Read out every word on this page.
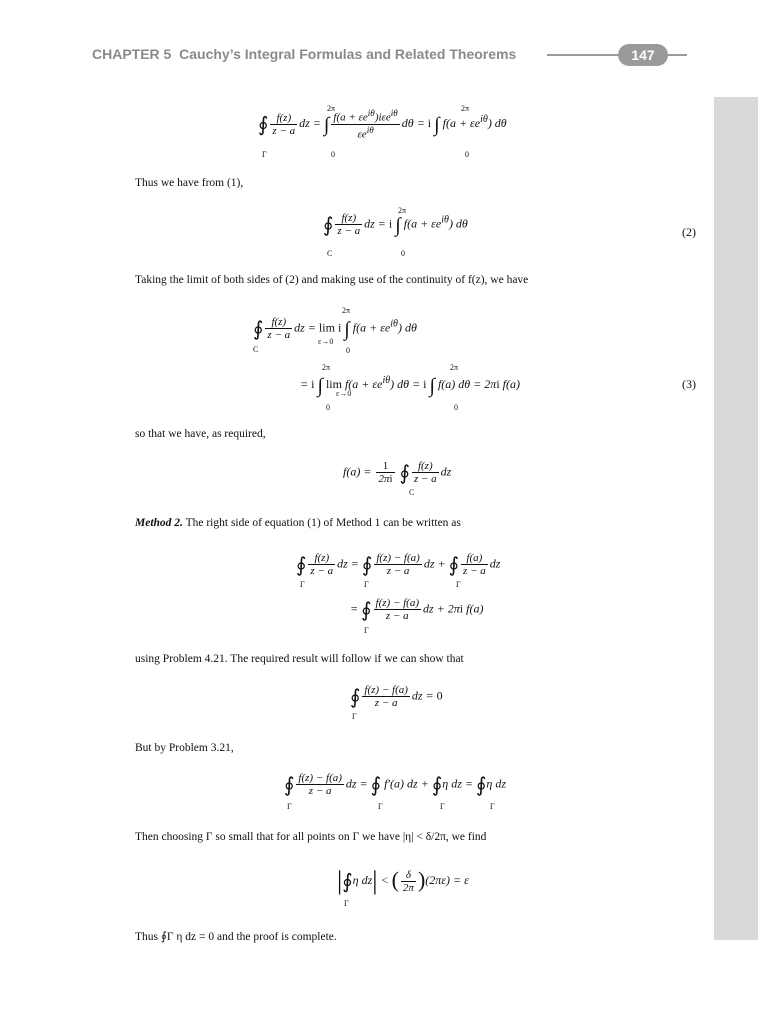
CHAPTER 5 Cauchy’s Integral Formulas and Related Theorems	147
∮ $\frac{f(z)}{z - a}$ dz = ∫ $\frac{f(a + \varepsilon e^{i\theta})i\varepsilon e^{i\theta}}{\varepsilon e^{i\theta}}$ dθ = i ∫ $f(a + \varepsilon e^{i\theta})$ dθ
Γ
2π
0
2π
0
Thus we have from (1),
∮ $\frac{f(z)}{z - a}$ dz = i ∫ $f(a + \varepsilon e^{i\theta})$ dθ
C
2π
0
(2)
Taking the limit of both sides of (2) and making use of the continuity of f(z), we have
∮ $\frac{f(z)}{z - a}$ dz = lim i ∫ $f(a + \varepsilon e^{i\theta})$ dθ
C
ε→0
2π
0
= i ∫ $\lim f(a + \varepsilon e^{i\theta})$ dθ = i ∫ f(a) dθ = 2πi f(a)
2π
0
ε→0
2π
0
(3)
so that we have, as required,
$f(a) = \frac{1}{2\pi i}$ ∮ $\frac{f(z)}{z - a}$ dz
C
Method 2. The right side of equation (1) of Method 1 can be written as
∮ $\frac{f(z)}{z - a}$ dz = ∮ $\frac{f(z) - f(a)}{z - a}$ dz + ∮ $\frac{f(a)}{z - a}$ dz
Γ	Γ	Γ
= ∮ $\frac{f(z) - f(a)}{z - a}$ dz + 2πi f(a)
Γ
using Problem 4.21. The required result will follow if we can show that
∮ $\frac{f(z) - f(a)}{z - a}$ dz = 0
Γ
But by Problem 3.21,
∮ $\frac{f(z) - f(a)}{z - a}$ dz = ∮ f′(a) dz + ∮η dz = ∮η dz
Γ	Γ	Γ	Γ
Then choosing Γ so small that for all points on Γ we have |η| < δ/2π, we find
|∮η dz| < ( $\frac{\delta}{2\pi} )(2\pi\varepsilon) = \varepsilon$
Γ
Thus ∮Γ η dz = 0 and the proof is complete.
